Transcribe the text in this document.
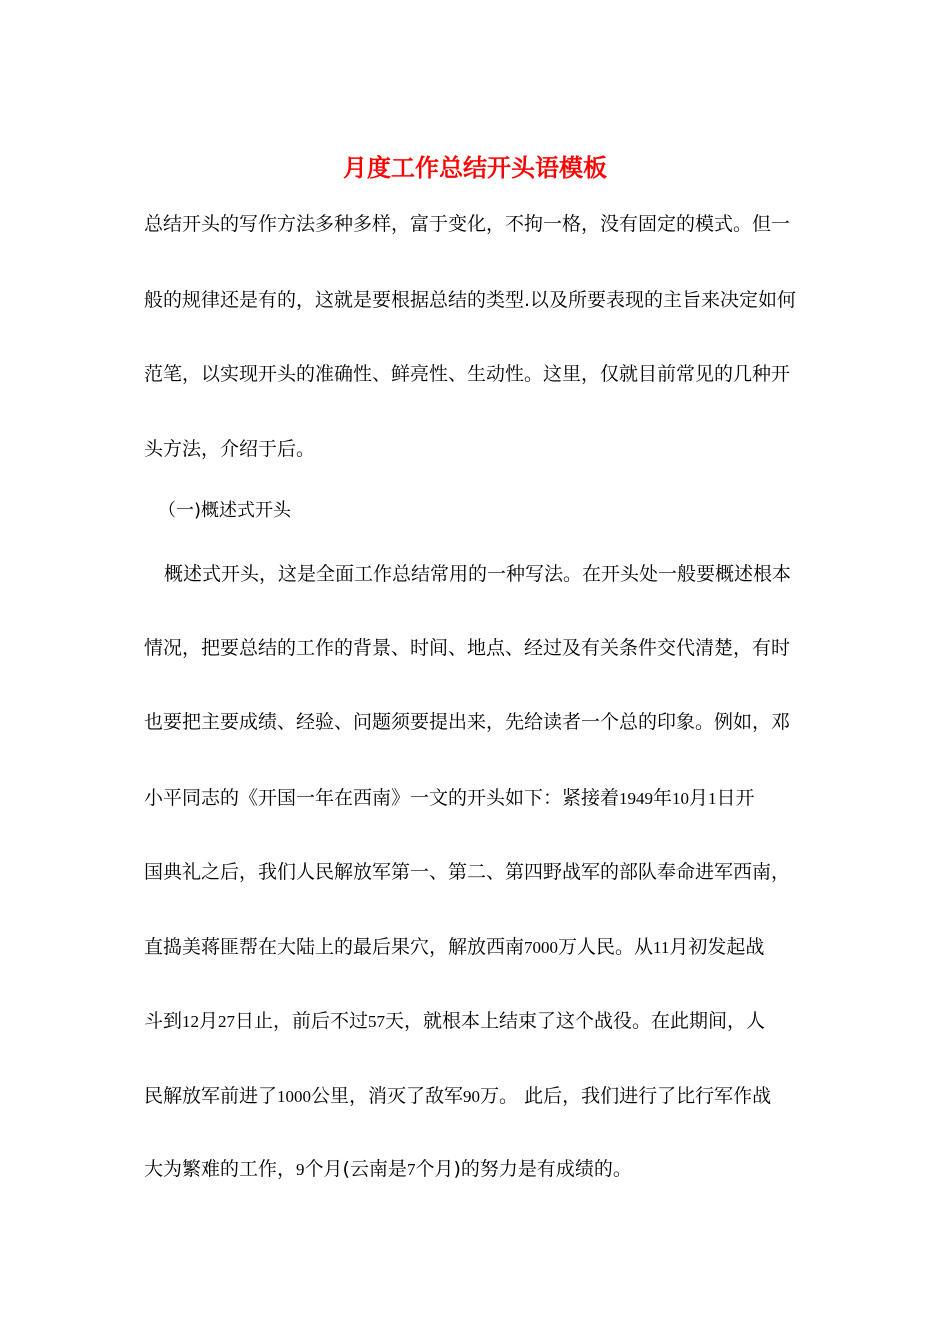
月度工作总结开头语模板

总结开头的写作方法多种多样，富于变化，不拘一格，没有固定的模式。但一

般的规律还是有的，这就是要根据总结的类型.以及所要表现的主旨来决定如何

范笔，以实现开头的准确性、鲜亮性、生动性。这里，仅就目前常见的几种开

头方法，介绍于后。

（一)概述式开头

概述式开头，这是全面工作总结常用的一种写法。在开头处一般要概述根本

情况，把要总结的工作的背景、时间、地点、经过及有关条件交代清楚，有时

也要把主要成绩、经验、问题须要提出来，先给读者一个总的印象。例如，邓

小平同志的《开国一年在西南》一文的开头如下：紧接着1949年10月1日开

国典礼之后，我们人民解放军第一、第二、第四野战军的部队奉命进军西南，

直捣美蒋匪帮在大陆上的最后果穴，解放西南7000万人民。从11月初发起战

斗到12月27日止，前后不过57天，就根本上结束了这个战役。在此期间，人

民解放军前进了1000公里，消灭了敌军90万。 此后，我们进行了比行军作战

大为繁难的工作，9个月(云南是7个月)的努力是有成绩的。
